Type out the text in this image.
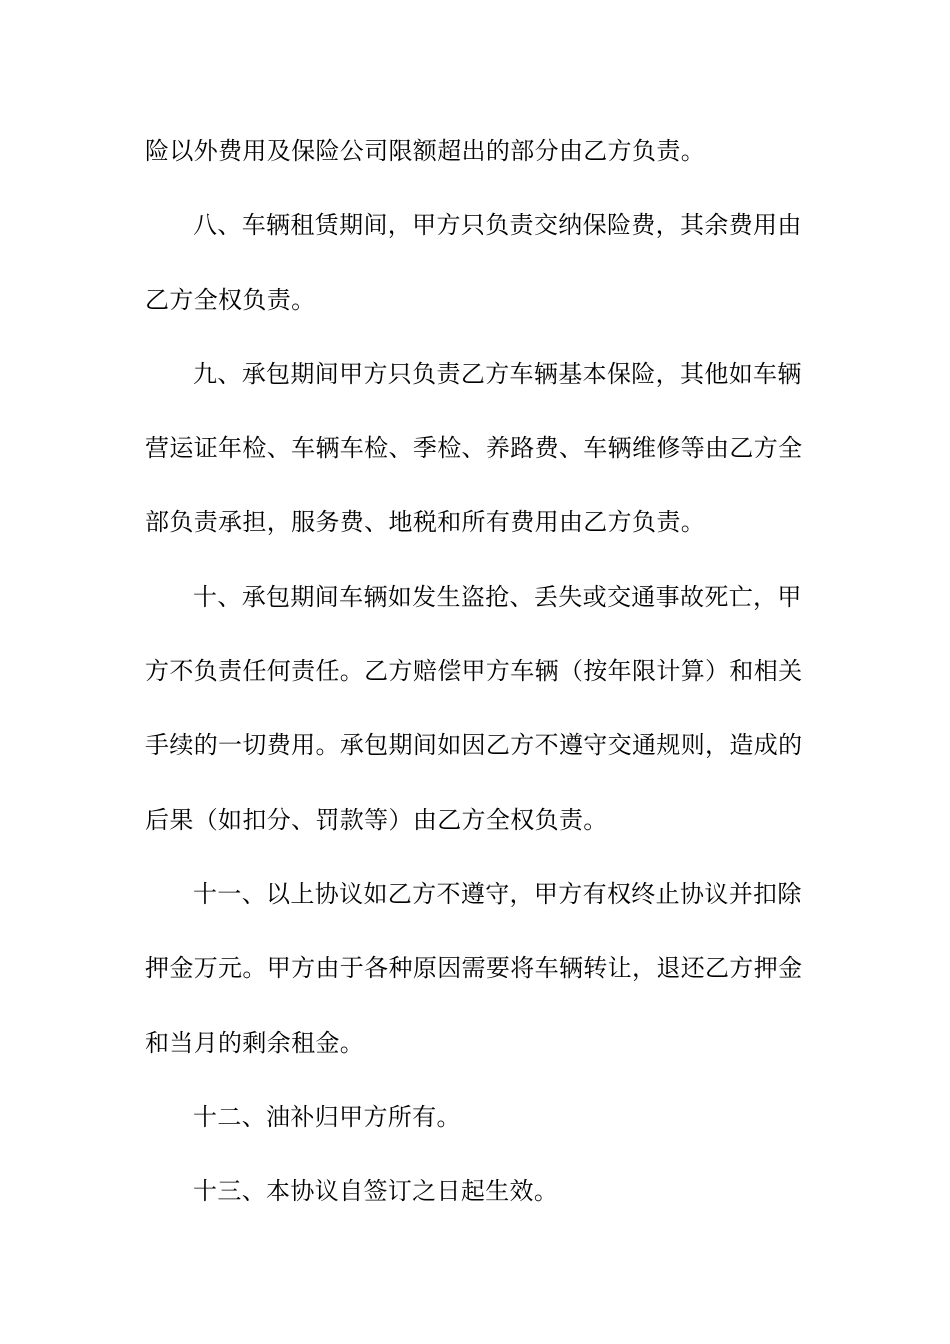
险以外费用及保险公司限额超出的部分由乙方负责。
八、车辆租赁期间，甲方只负责交纳保险费，其余费用由
乙方全权负责。
九、承包期间甲方只负责乙方车辆基本保险，其他如车辆
营运证年检、车辆车检、季检、养路费、车辆维修等由乙方全
部负责承担，服务费、地税和所有费用由乙方负责。
十、承包期间车辆如发生盗抢、丢失或交通事故死亡，甲
方不负责任何责任。乙方赔偿甲方车辆（按年限计算）和相关
手续的一切费用。承包期间如因乙方不遵守交通规则，造成的
后果（如扣分、罚款等）由乙方全权负责。
十一、以上协议如乙方不遵守，甲方有权终止协议并扣除
押金万元。甲方由于各种原因需要将车辆转让，退还乙方押金
和当月的剩余租金。
十二、油补归甲方所有。
十三、本协议自签订之日起生效。
